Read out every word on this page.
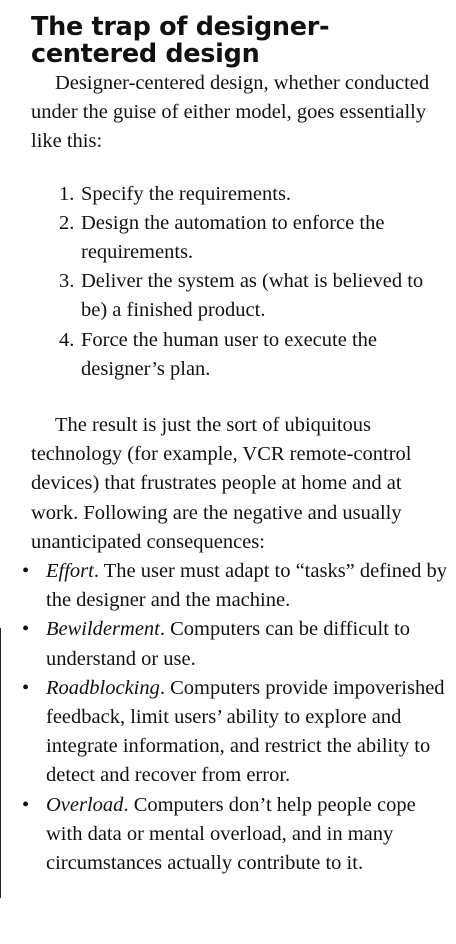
The trap of designer-centered design

Designer-centered design, whether conducted under the guise of either model, goes essentially like this:

1. Specify the requirements.
2. Design the automation to enforce the requirements.
3. Deliver the system as (what is believed to be) a finished product.
4. Force the human user to execute the designer’s plan.

The result is just the sort of ubiquitous technology (for example, VCR remote-control devices) that frustrates people at home and at work. Following are the negative and usually unanticipated consequences:

• Effort. The user must adapt to “tasks” defined by the designer and the machine.
• Bewilderment. Computers can be difficult to understand or use.
• Roadblocking. Computers provide impoverished feedback, limit users’ ability to explore and integrate information, and restrict the ability to detect and recover from error.
• Overload. Computers don’t help people cope with data or mental overload, and in many circumstances actually contribute to it.
